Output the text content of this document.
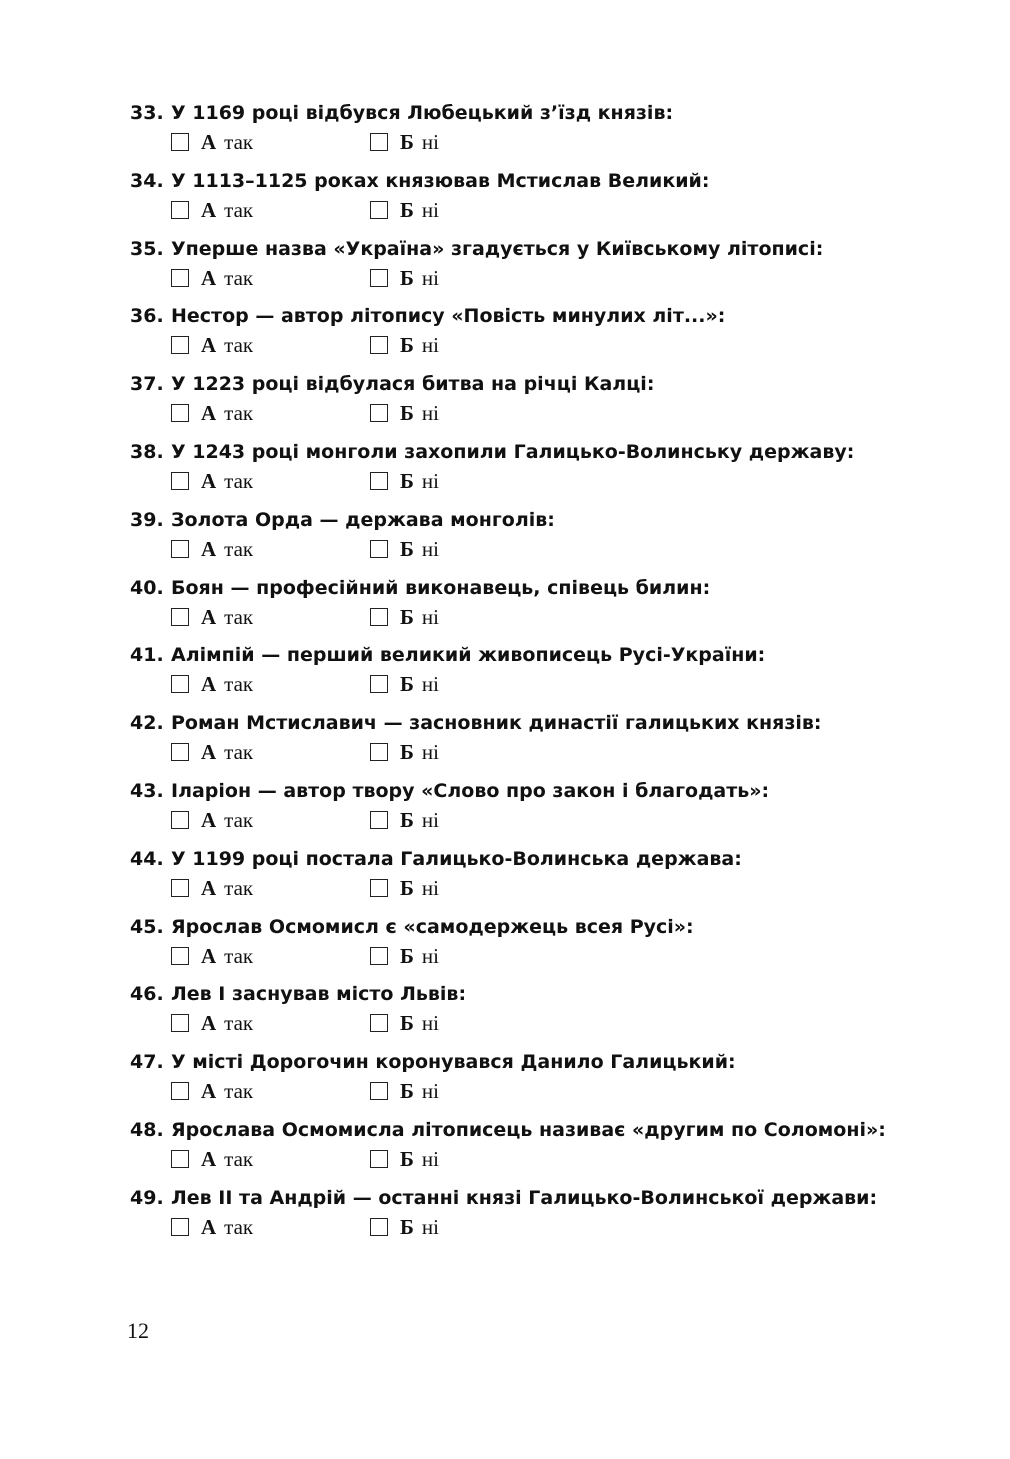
33. У 1169 році відбувся Любецький з’їзд князів:
А так	Б ні
34. У 1113–1125 роках князював Мстислав Великий:
А так	Б ні
35. Уперше назва «Україна» згадується у Київському літописі:
А так	Б ні
36. Нестор — автор літопису «Повість минулих літ...»:
А так	Б ні
37. У 1223 році відбулася битва на річці Калці:
А так	Б ні
38. У 1243 році монголи захопили Галицько-Волинську державу:
А так	Б ні
39. Золота Орда — держава монголів:
А так	Б ні
40. Боян — професійний виконавець, співець билин:
А так	Б ні
41. Алімпій — перший великий живописець Русі-України:
А так	Б ні
42. Роман Мстиславич — засновник династії галицьких князів:
А так	Б ні
43. Іларіон — автор твору «Слово про закон і благодать»:
А так	Б ні
44. У 1199 році постала Галицько-Волинська держава:
А так	Б ні
45. Ярослав Осмомисл є «самодержець всея Русі»:
А так	Б ні
46. Лев І заснував місто Львів:
А так	Б ні
47. У місті Дорогочин коронувався Данило Галицький:
А так	Б ні
48. Ярослава Осмомисла літописець називає «другим по Соломоні»:
А так	Б ні
49. Лев ІІ та Андрій — останні князі Галицько-Волинської держави:
А так	Б ні
12
